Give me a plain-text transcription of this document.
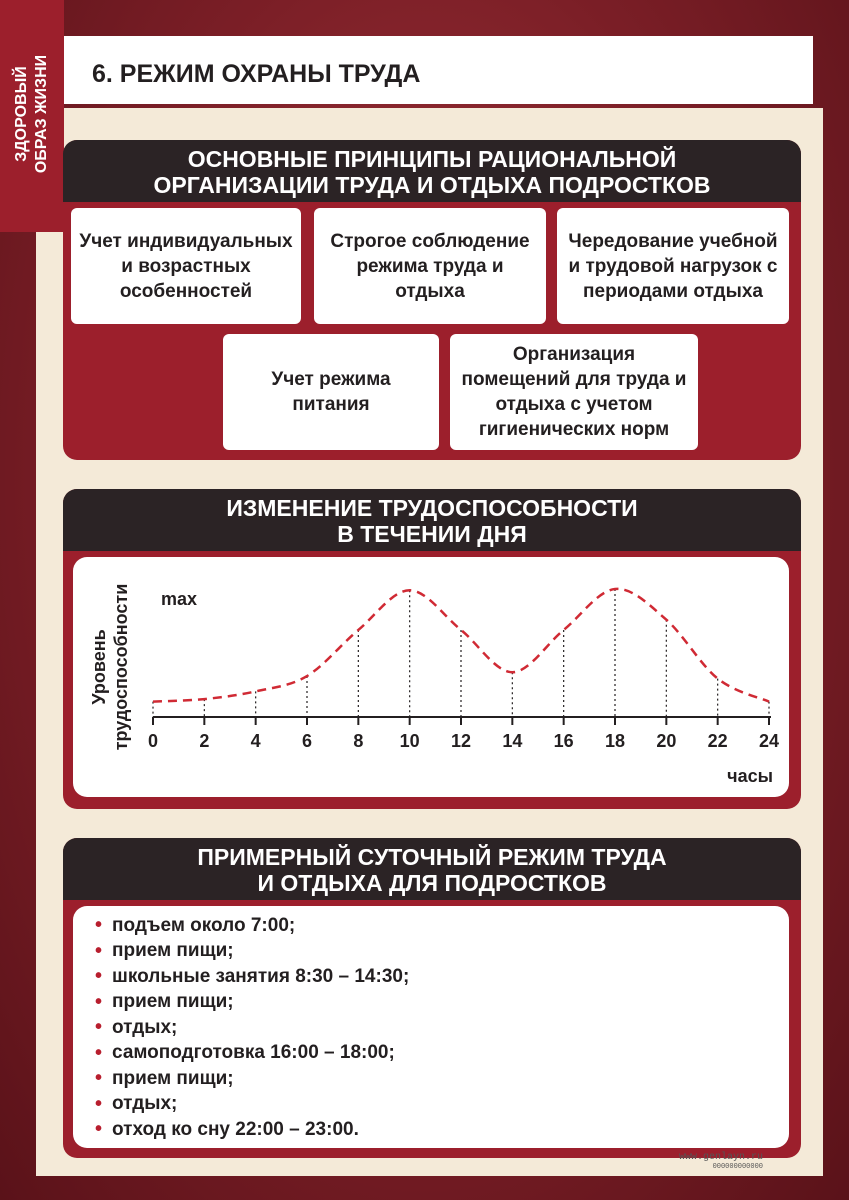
ЗДОРОВЫЙ ОБРАЗ ЖИЗНИ 6. РЕЖИМ ОХРАНЫ ТРУДА
ОСНОВНЫЕ ПРИНЦИПЫ РАЦИОНАЛЬНОЙ
ОРГАНИЗАЦИИ ТРУДА И ОТДЫХА ПОДРОСТКОВ
Учет индивидуальных и возрастных особенностей
Строгое соблюдение режима труда и отдыха
Чередование учебной и трудовой нагрузок с периодами отдыха
Учет режима питания
Организация помещений для труда и отдыха с учетом гигиенических норм
ИЗМЕНЕНИЕ ТРУДОСПОСОБНОСТИ
В ТЕЧЕНИИ ДНЯ
Уровень трудоспособности max
0 2 4 6 8 10 12 14 16 18 20 22 24
часы
ПРИМЕРНЫЙ СУТОЧНЫЙ РЕЖИМ ТРУДА
И ОТДЫХА ДЛЯ ПОДРОСТКОВ
• подъем около 7:00;
• прием пищи;
• школьные занятия 8:30 – 14:30;
• прием пищи;
• отдых;
• самоподготовка 16:00 – 18:00;
• прием пищи;
• отдых;
• отход ко сну 22:00 – 23:00.
www.genlayn.ru
000000000000
